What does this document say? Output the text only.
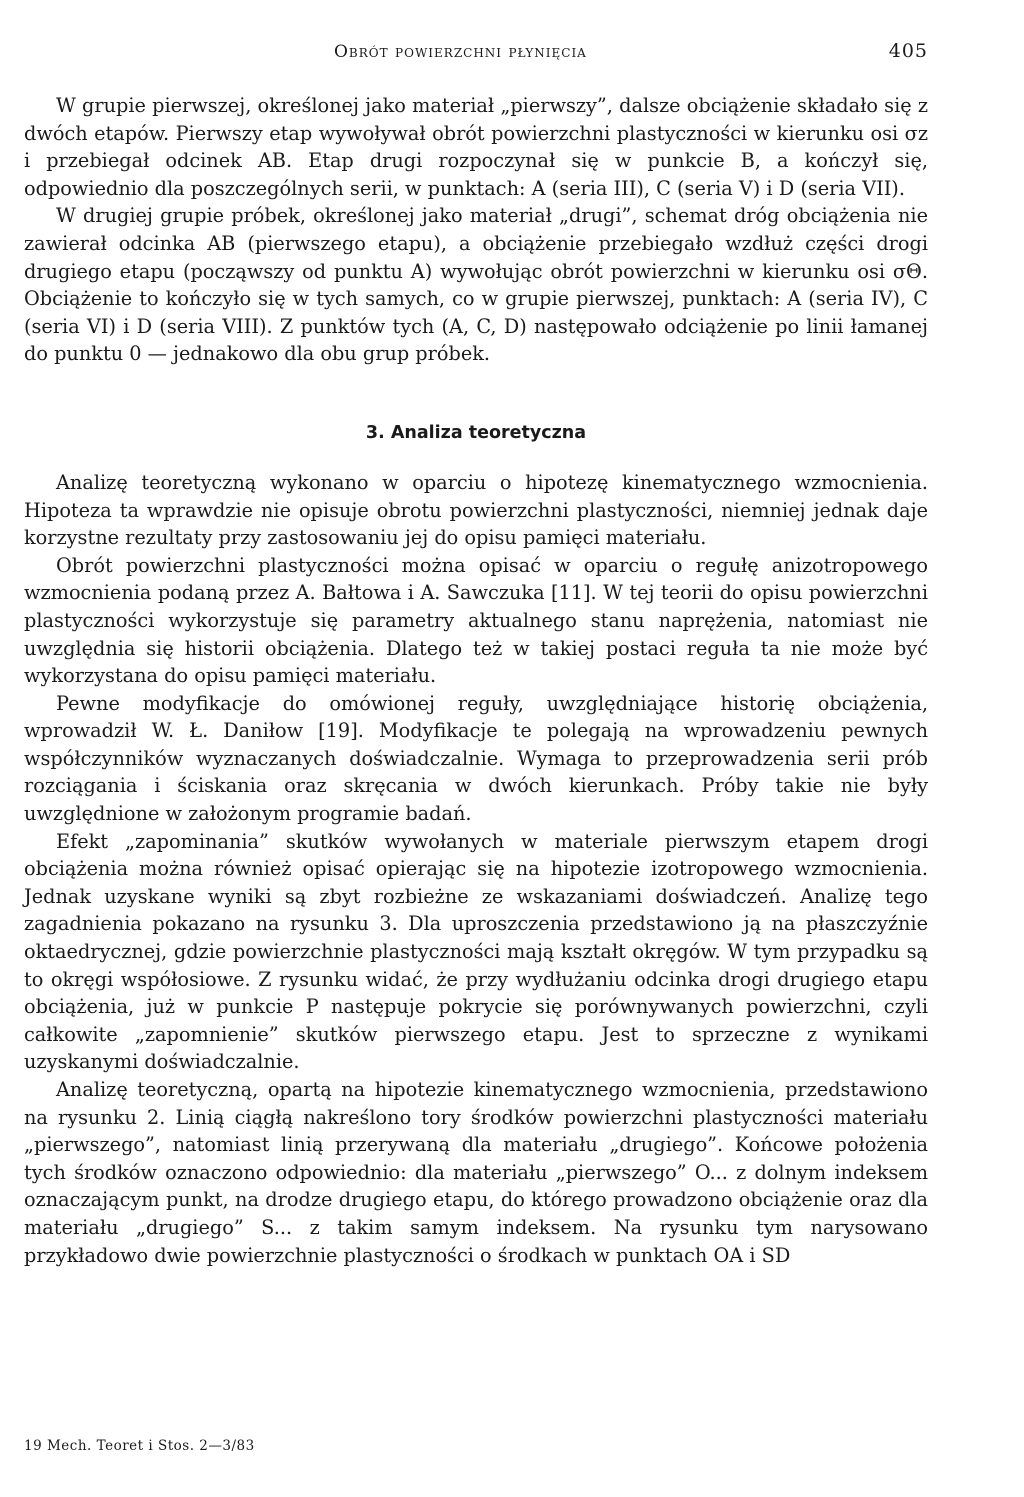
Obrót powierzchni płynięcia	405

W grupie pierwszej, określonej jako materiał „pierwszy”, dalsze obciążenie składało się z dwóch etapów. Pierwszy etap wywoływał obrót powierzchni plastyczności w kierunku osi σz i przebiegał odcinek AB. Etap drugi rozpoczynał się w punkcie B, a kończył się, odpowiednio dla poszczególnych serii, w punktach: A (seria III), C (seria V) i D (seria VII).

W drugiej grupie próbek, określonej jako materiał „drugi”, schemat dróg obciążenia nie zawierał odcinka AB (pierwszego etapu), a obciążenie przebiegało wzdłuż części drogi drugiego etapu (począwszy od punktu A) wywołując obrót powierzchni w kierunku osi σΘ. Obciążenie to kończyło się w tych samych, co w grupie pierwszej, punktach: A (seria IV), C (seria VI) i D (seria VIII). Z punktów tych (A, C, D) następowało odciążenie po linii łamanej do punktu 0 — jednakowo dla obu grup próbek.

3. Analiza teoretyczna

Analizę teoretyczną wykonano w oparciu o hipotezę kinematycznego wzmocnienia. Hipoteza ta wprawdzie nie opisuje obrotu powierzchni plastyczności, niemniej jednak daje korzystne rezultaty przy zastosowaniu jej do opisu pamięci materiału.

Obrót powierzchni plastyczności można opisać w oparciu o regułę anizotropowego wzmocnienia podaną przez A. Bałtowa i A. Sawczuka [11]. W tej teorii do opisu powierzchni plastyczności wykorzystuje się parametry aktualnego stanu naprężenia, natomiast nie uwzględnia się historii obciążenia. Dlatego też w takiej postaci reguła ta nie może być wykorzystana do opisu pamięci materiału.

Pewne modyfikacje do omówionej reguły, uwzględniające historię obciążenia, wprowadził W. Ł. Daniłow [19]. Modyfikacje te polegają na wprowadzeniu pewnych współczynników wyznaczanych doświadczalnie. Wymaga to przeprowadzenia serii prób rozciągania i ściskania oraz skręcania w dwóch kierunkach. Próby takie nie były uwzględnione w założonym programie badań.

Efekt „zapominania” skutków wywołanych w materiale pierwszym etapem drogi obciążenia można również opisać opierając się na hipotezie izotropowego wzmocnienia. Jednak uzyskane wyniki są zbyt rozbieżne ze wskazaniami doświadczeń. Analizę tego zagadnienia pokazano na rysunku 3. Dla uproszczenia przedstawiono ją na płaszczyźnie oktaedrycznej, gdzie powierzchnie plastyczności mają kształt okręgów. W tym przypadku są to okręgi współosiowe. Z rysunku widać, że przy wydłużaniu odcinka drogi drugiego etapu obciążenia, już w punkcie P następuje pokrycie się porównywanych powierzchni, czyli całkowite „zapomnienie” skutków pierwszego etapu. Jest to sprzeczne z wynikami uzyskanymi doświadczalnie.

Analizę teoretyczną, opartą na hipotezie kinematycznego wzmocnienia, przedstawiono na rysunku 2. Linią ciągłą nakreślono tory środków powierzchni plastyczności materiału „pierwszego”, natomiast linią przerywaną dla materiału „drugiego”. Końcowe położenia tych środków oznaczono odpowiednio: dla materiału „pierwszego” O... z dolnym indeksem oznaczającym punkt, na drodze drugiego etapu, do którego prowadzono obciążenie oraz dla materiału „drugiego” S... z takim samym indeksem. Na rysunku tym narysowano przykładowo dwie powierzchnie plastyczności o środkach w punktach OA i SD

19 Mech. Teoret i Stos. 2—3/83
